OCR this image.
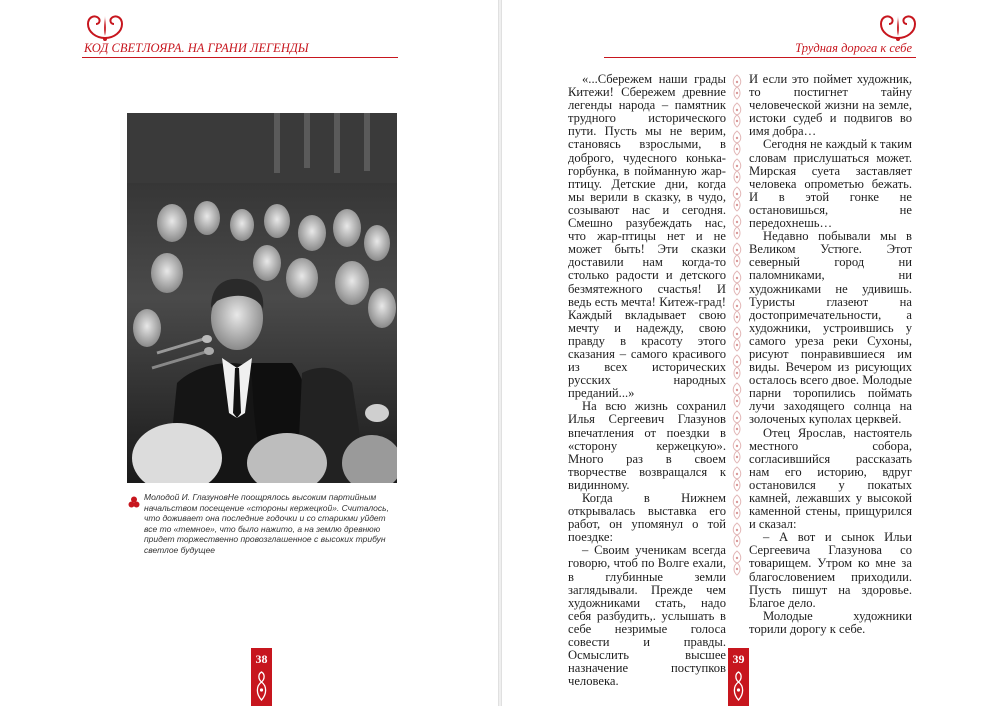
КОД СВЕТЛОЯРА. НА ГРАНИ ЛЕГЕНДЫ

Молодой И. ГлазуновНе поощрялось высоким партийным начальством посещение «стороны кержецкой». Считалось, что доживает она последние годочки и со старикми уйдет все то «темное», что было нажито, а на землю древнюю придет торжественно провозглашенное с высоких трибун светлое будущее

38
Трудная дорога к себе

«...Сбережем наши грады Китежи! Сбережем древние легенды народа – памятник трудного исторического пути. Пусть мы не верим, становясь взрослыми, в доброго, чудесного конька-горбунка, в пойманную жар-птицу. Детские дни, когда мы верили в сказку, в чудо, созывают нас и сегодня. Смешно разубеждать нас, что жар-птицы нет и не может быть! Эти сказки доставили нам когда-то столько радости и детского безмятежного счастья! И ведь есть мечта! Китеж-град! Каждый вкладывает свою мечту и надежду, свою правду в красоту этого сказания – самого красивого из всех исторических русских народных преданий...»

На всю жизнь сохранил Илья Сергеевич Глазунов впечатления от поездки в «сторону кержецкую». Много раз в своем творчестве возвращался к видинному.

Когда в Нижнем открывалась выставка его работ, он упомянул о той поездке:

– Своим ученикам всегда говорю, чтоб по Волге ехали, в глубинные земли заглядывали. Прежде чем художниками стать, надо себя разбудить,. услышать в себе незримые голоса совести и правды. Осмыслить высшее назначение поступков человека.

И если это поймет художник, то постигнет тайну человеческой жизни на земле, истоки судеб и подвигов во имя добра…

Сегодня не каждый к таким словам прислушаться может. Мирская суета заставляет человека опрометью бежать. И в этой гонке не остановишься, не передохнешь…

Недавно побывали мы в Великом Устюге. Этот северный город ни паломниками, ни художниками не удивишь. Туристы глазеют на достопримечательности, а художники, устроившись у самого уреза реки Сухоны, рисуют понравившиеся им виды. Вечером из рисующих осталось всего двое. Молодые парни торопились поймать лучи заходящего солнца на золоченых куполах церквей.

Отец Ярослав, настоятель местного собора, согласившийся рассказать нам его историю, вдруг остановился у покатых камней, лежавших у высокой каменной стены, прищурился и сказал:

– А вот и сынок Ильи Сергеевича Глазунова со товарищем. Утром ко мне за благословением приходили. Пусть пишут на здоровье. Благое дело.

Молодые художники торили дорогу к себе.

39
